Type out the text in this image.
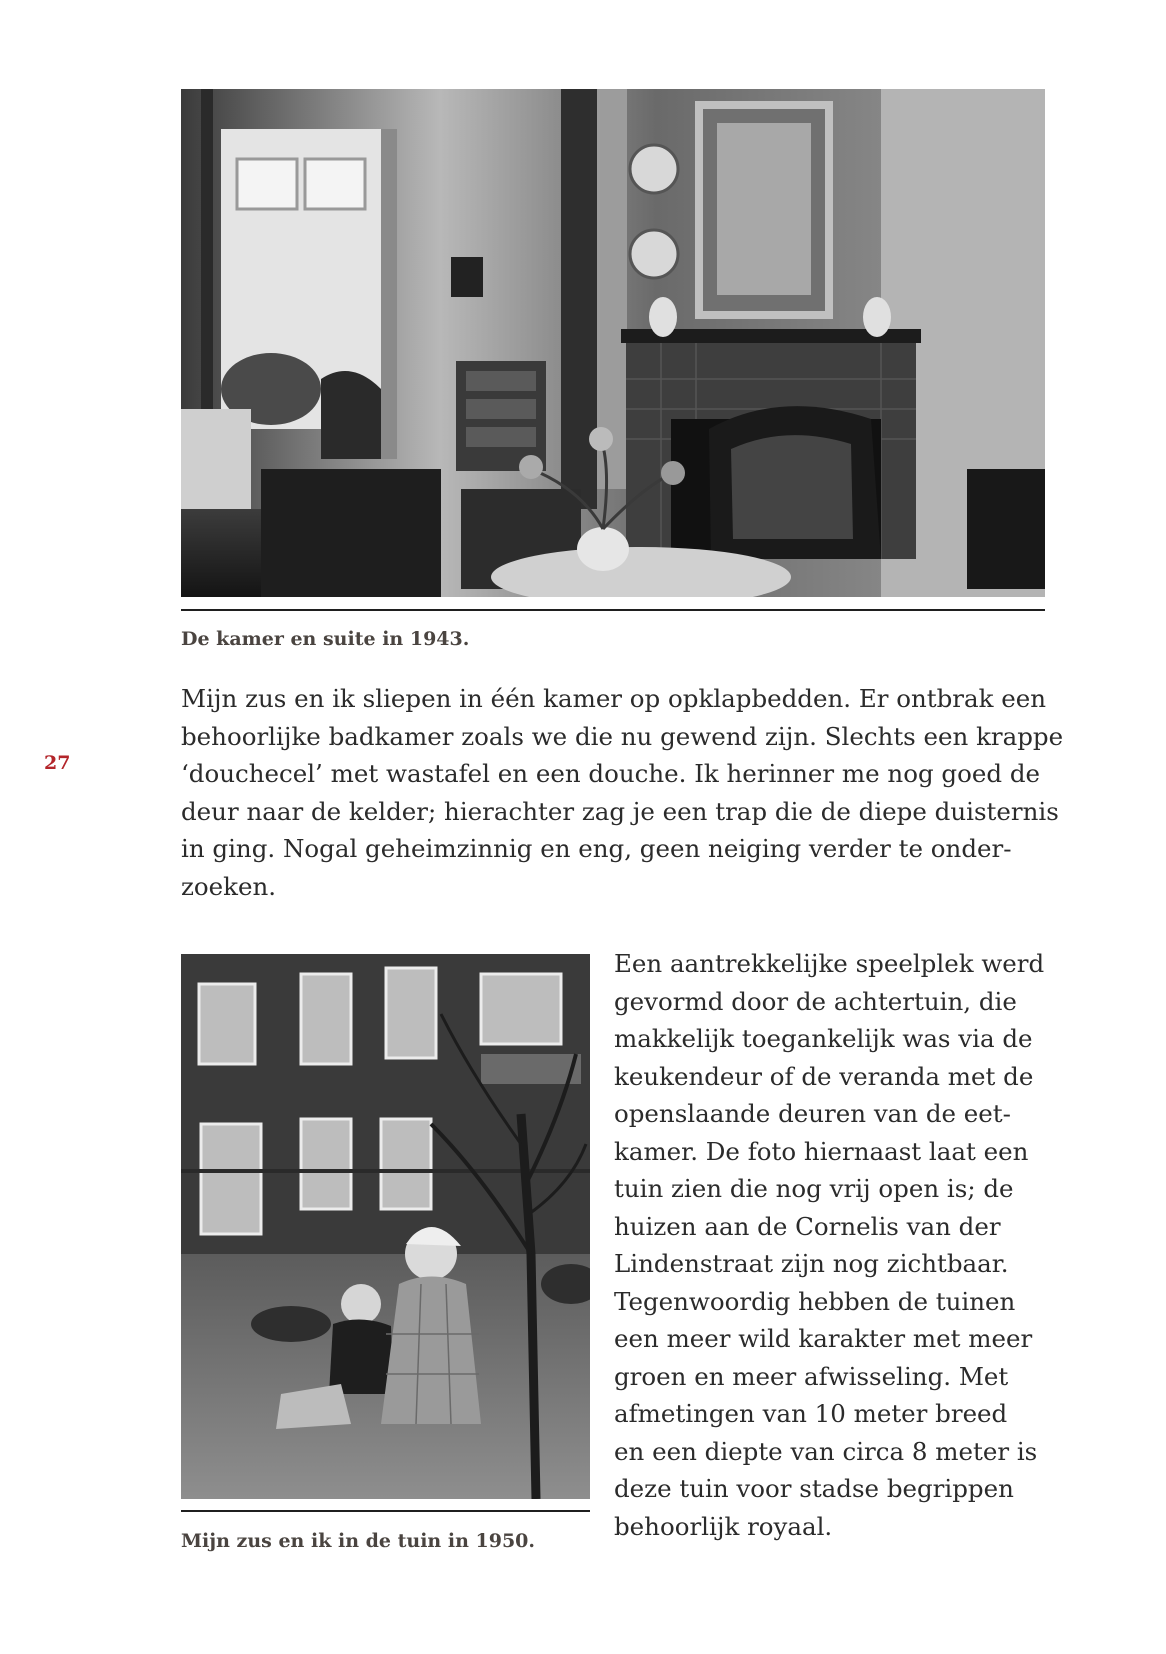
27
De kamer en suite in 1943.

Mijn zus en ik sliepen in één kamer op opklapbedden. Er ontbrak een
behoorlijke badkamer zoals we die nu gewend zijn. Slechts een krappe
‘douchecel’ met wastafel en een douche. Ik herinner me nog goed de
deur naar de kelder; hierachter zag je een trap die de diepe duisternis
in ging. Nogal geheimzinnig en eng, geen neiging verder te onder-
zoeken.

Mijn zus en ik in de tuin in 1950.

Een aantrekkelijke speelplek werd
gevormd door de achtertuin, die
makkelijk toegankelijk was via de
keukendeur of de veranda met de
openslaande deuren van de eet-
kamer. De foto hiernaast laat een
tuin zien die nog vrij open is; de
huizen aan de Cornelis van der
Lindenstraat zijn nog zichtbaar.
Tegenwoordig hebben de tuinen
een meer wild karakter met meer
groen en meer afwisseling. Met
afmetingen van 10 meter breed
en een diepte van circa 8 meter is
deze tuin voor stadse begrippen
behoorlijk royaal.
